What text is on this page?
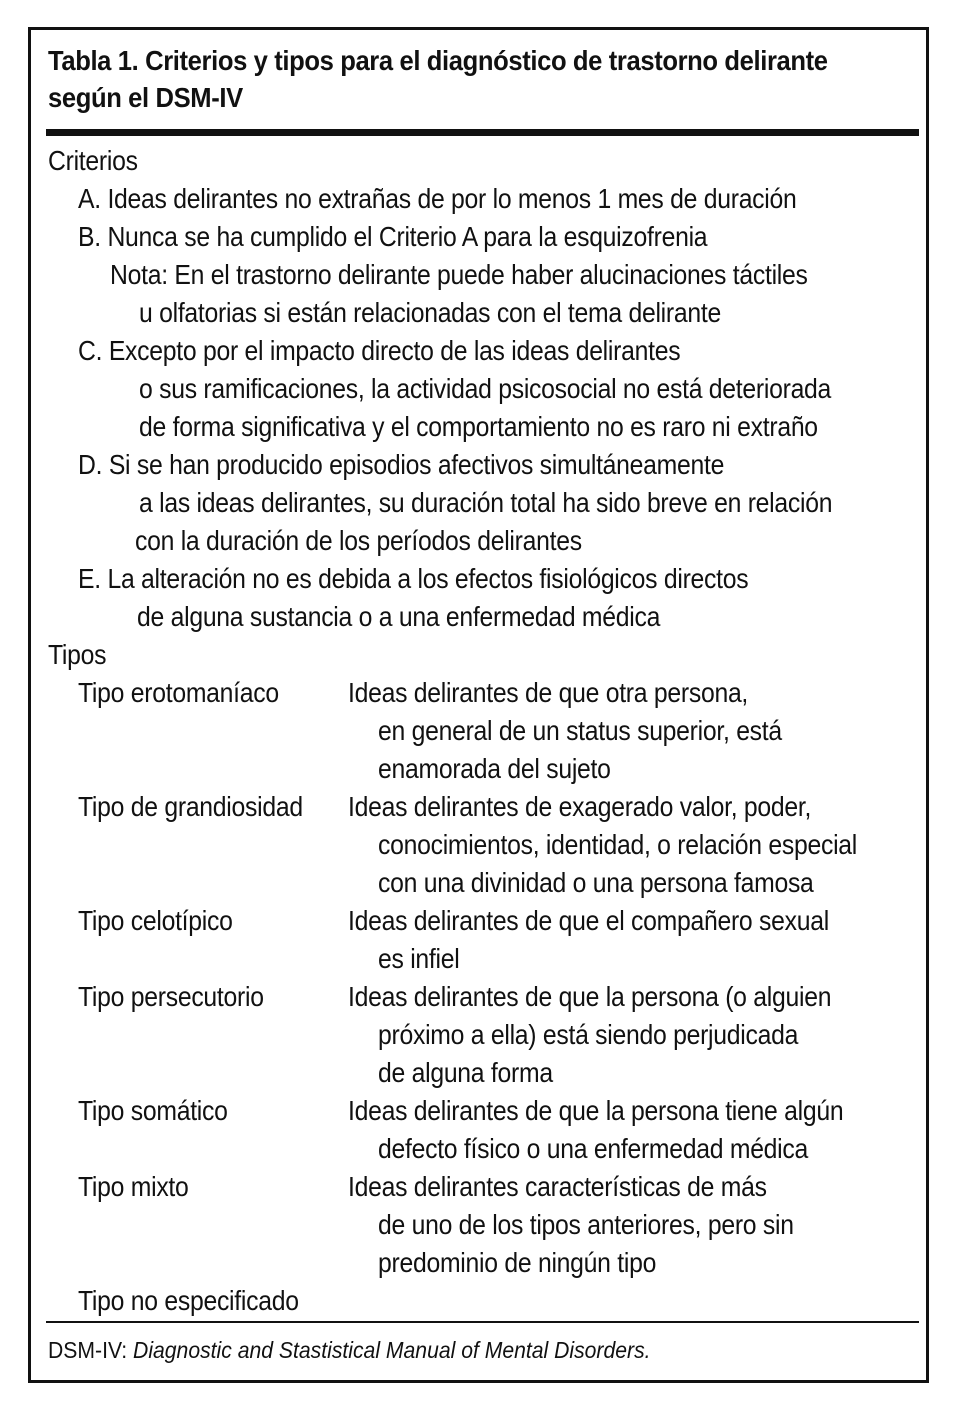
Tabla 1. Criterios y tipos para el diagnóstico de trastorno delirante según el DSM-IV
Criterios
A. Ideas delirantes no extrañas de por lo menos 1 mes de duración
B. Nunca se ha cumplido el Criterio A para la esquizofrenia
Nota: En el trastorno delirante puede haber alucinaciones táctiles
u olfatorias si están relacionadas con el tema delirante
C. Excepto por el impacto directo de las ideas delirantes
o sus ramificaciones, la actividad psicosocial no está deteriorada
de forma significativa y el comportamiento no es raro ni extraño
D. Si se han producido episodios afectivos simultáneamente
a las ideas delirantes, su duración total ha sido breve en relación
con la duración de los períodos delirantes
E. La alteración no es debida a los efectos fisiológicos directos
de alguna sustancia o a una enfermedad médica
Tipos
Tipo erotomaníaco	Ideas delirantes de que otra persona,
en general de un status superior, está
enamorada del sujeto
Tipo de grandiosidad Ideas delirantes de exagerado valor, poder,
conocimientos, identidad, o relación especial
con una divinidad o una persona famosa
Tipo celotípico	Ideas delirantes de que el compañero sexual
es infiel
Tipo persecutorio	Ideas delirantes de que la persona (o alguien
próximo a ella) está siendo perjudicada
de alguna forma
Tipo somático	Ideas delirantes de que la persona tiene algún
defecto físico o una enfermedad médica
Tipo mixto	Ideas delirantes características de más
de uno de los tipos anteriores, pero sin
predominio de ningún tipo
Tipo no especificado
DSM-IV: Diagnostic and Stastistical Manual of Mental Disorders.
